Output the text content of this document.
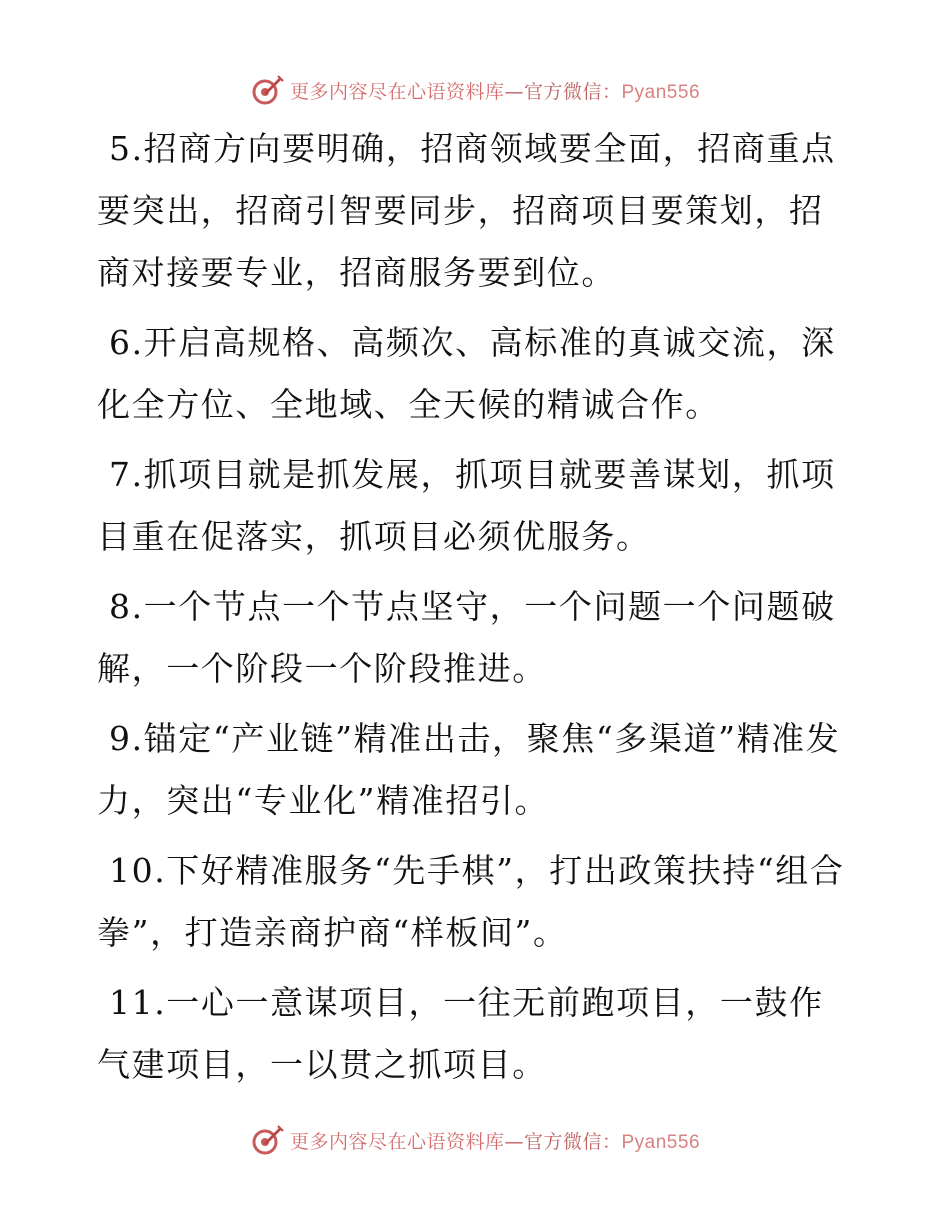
更多内容尽在心语资料库—官方微信：Pyan556

5.招商方向要明确，招商领域要全面，招商重点要突出，招商引智要同步，招商项目要策划，招商对接要专业，招商服务要到位。

6.开启高规格、高频次、高标准的真诚交流，深化全方位、全地域、全天候的精诚合作。

7.抓项目就是抓发展，抓项目就要善谋划，抓项目重在促落实，抓项目必须优服务。

8.一个节点一个节点坚守，一个问题一个问题破解，一个阶段一个阶段推进。

9.锚定“产业链”精准出击，聚焦“多渠道”精准发力，突出“专业化”精准招引。

10.下好精准服务“先手棋”，打出政策扶持“组合拳”，打造亲商护商“样板间”。

11.一心一意谋项目，一往无前跑项目，一鼓作气建项目，一以贯之抓项目。

更多内容尽在心语资料库—官方微信：Pyan556
